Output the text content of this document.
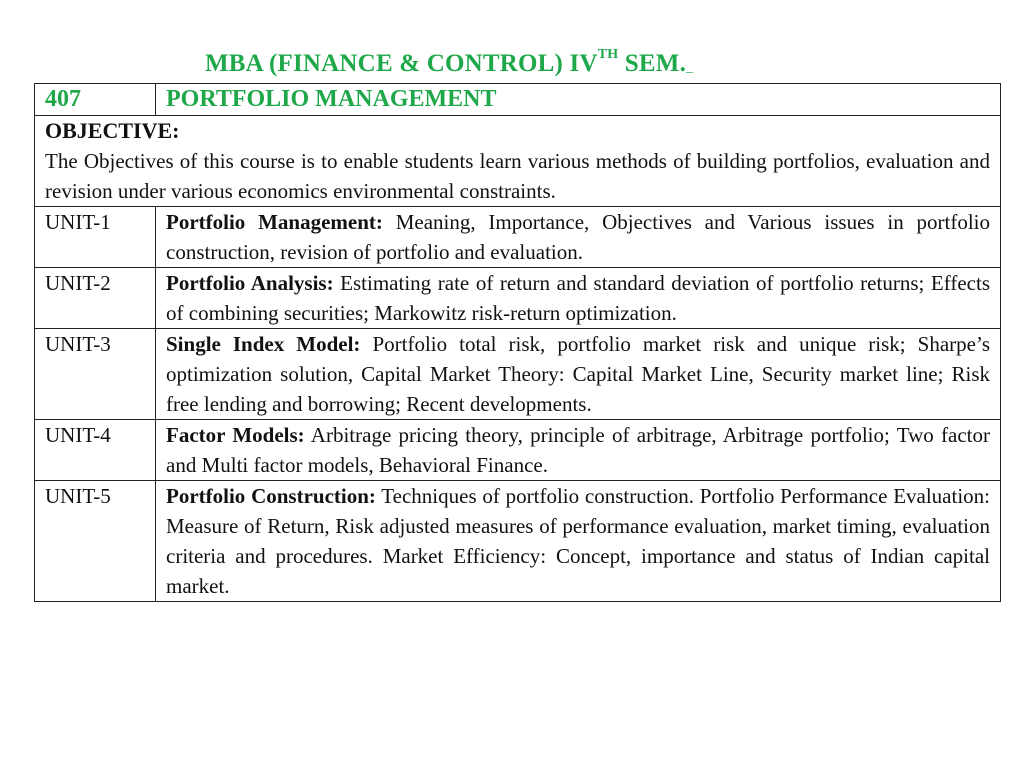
MBA (FINANCE & CONTROL) IVTH SEM._
407	PORTFOLIO MANAGEMENT

OBJECTIVE:
The Objectives of this course is to enable students learn various methods of building portfolios, evaluation and revision under various economics environmental constraints.	

UNIT-1	Portfolio Management: Meaning, Importance, Objectives and Various issues in portfolio construction, revision of portfolio and evaluation.
UNIT-2	Portfolio Analysis: Estimating rate of return and standard deviation of portfolio returns; Effects of combining securities; Markowitz risk-return optimization.
UNIT-3	Single Index Model: Portfolio total risk, portfolio market risk and unique risk; Sharpe’s optimization solution, Capital Market Theory: Capital Market Line, Security market line; Risk free lending and borrowing; Recent developments.
UNIT-4	Factor Models: Arbitrage pricing theory, principle of arbitrage, Arbitrage portfolio; Two factor and Multi factor models, Behavioral Finance.
UNIT-5	Portfolio Construction: Techniques of portfolio construction. Portfolio Performance Evaluation: Measure of Return, Risk adjusted measures of performance evaluation, market timing, evaluation criteria and procedures. Market Efficiency: Concept, importance and status of Indian capital market.
